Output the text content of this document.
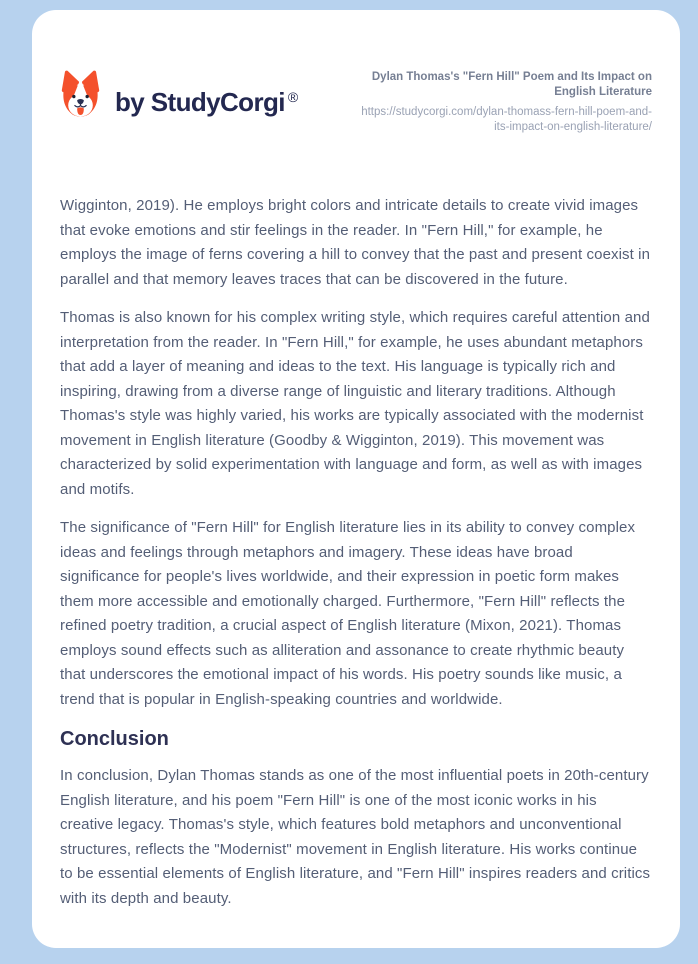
by StudyCorgi ®
Dylan Thomas's "Fern Hill" Poem and Its Impact on
English Literature
https://studycorgi.com/dylan-thomass-fern-hill-poem-and-
its-impact-on-english-literature/

Wigginton, 2019). He employs bright colors and intricate details to create vivid images that evoke emotions and stir feelings in the reader. In "Fern Hill," for example, he employs the image of ferns covering a hill to convey that the past and present coexist in parallel and that memory leaves traces that can be discovered in the future.

Thomas is also known for his complex writing style, which requires careful attention and interpretation from the reader. In "Fern Hill," for example, he uses abundant metaphors that add a layer of meaning and ideas to the text. His language is typically rich and inspiring, drawing from a diverse range of linguistic and literary traditions. Although Thomas's style was highly varied, his works are typically associated with the modernist movement in English literature (Goodby & Wigginton, 2019). This movement was characterized by solid experimentation with language and form, as well as with images and motifs.

The significance of "Fern Hill" for English literature lies in its ability to convey complex ideas and feelings through metaphors and imagery. These ideas have broad significance for people's lives worldwide, and their expression in poetic form makes them more accessible and emotionally charged. Furthermore, "Fern Hill" reflects the refined poetry tradition, a crucial aspect of English literature (Mixon, 2021). Thomas employs sound effects such as alliteration and assonance to create rhythmic beauty that underscores the emotional impact of his words. His poetry sounds like music, a trend that is popular in English-speaking countries and worldwide.

Conclusion

In conclusion, Dylan Thomas stands as one of the most influential poets in 20th-century English literature, and his poem "Fern Hill" is one of the most iconic works in his creative legacy. Thomas's style, which features bold metaphors and unconventional structures, reflects the "Modernist" movement in English literature. His works continue to be essential elements of English literature, and "Fern Hill" inspires readers and critics with its depth and beauty.
